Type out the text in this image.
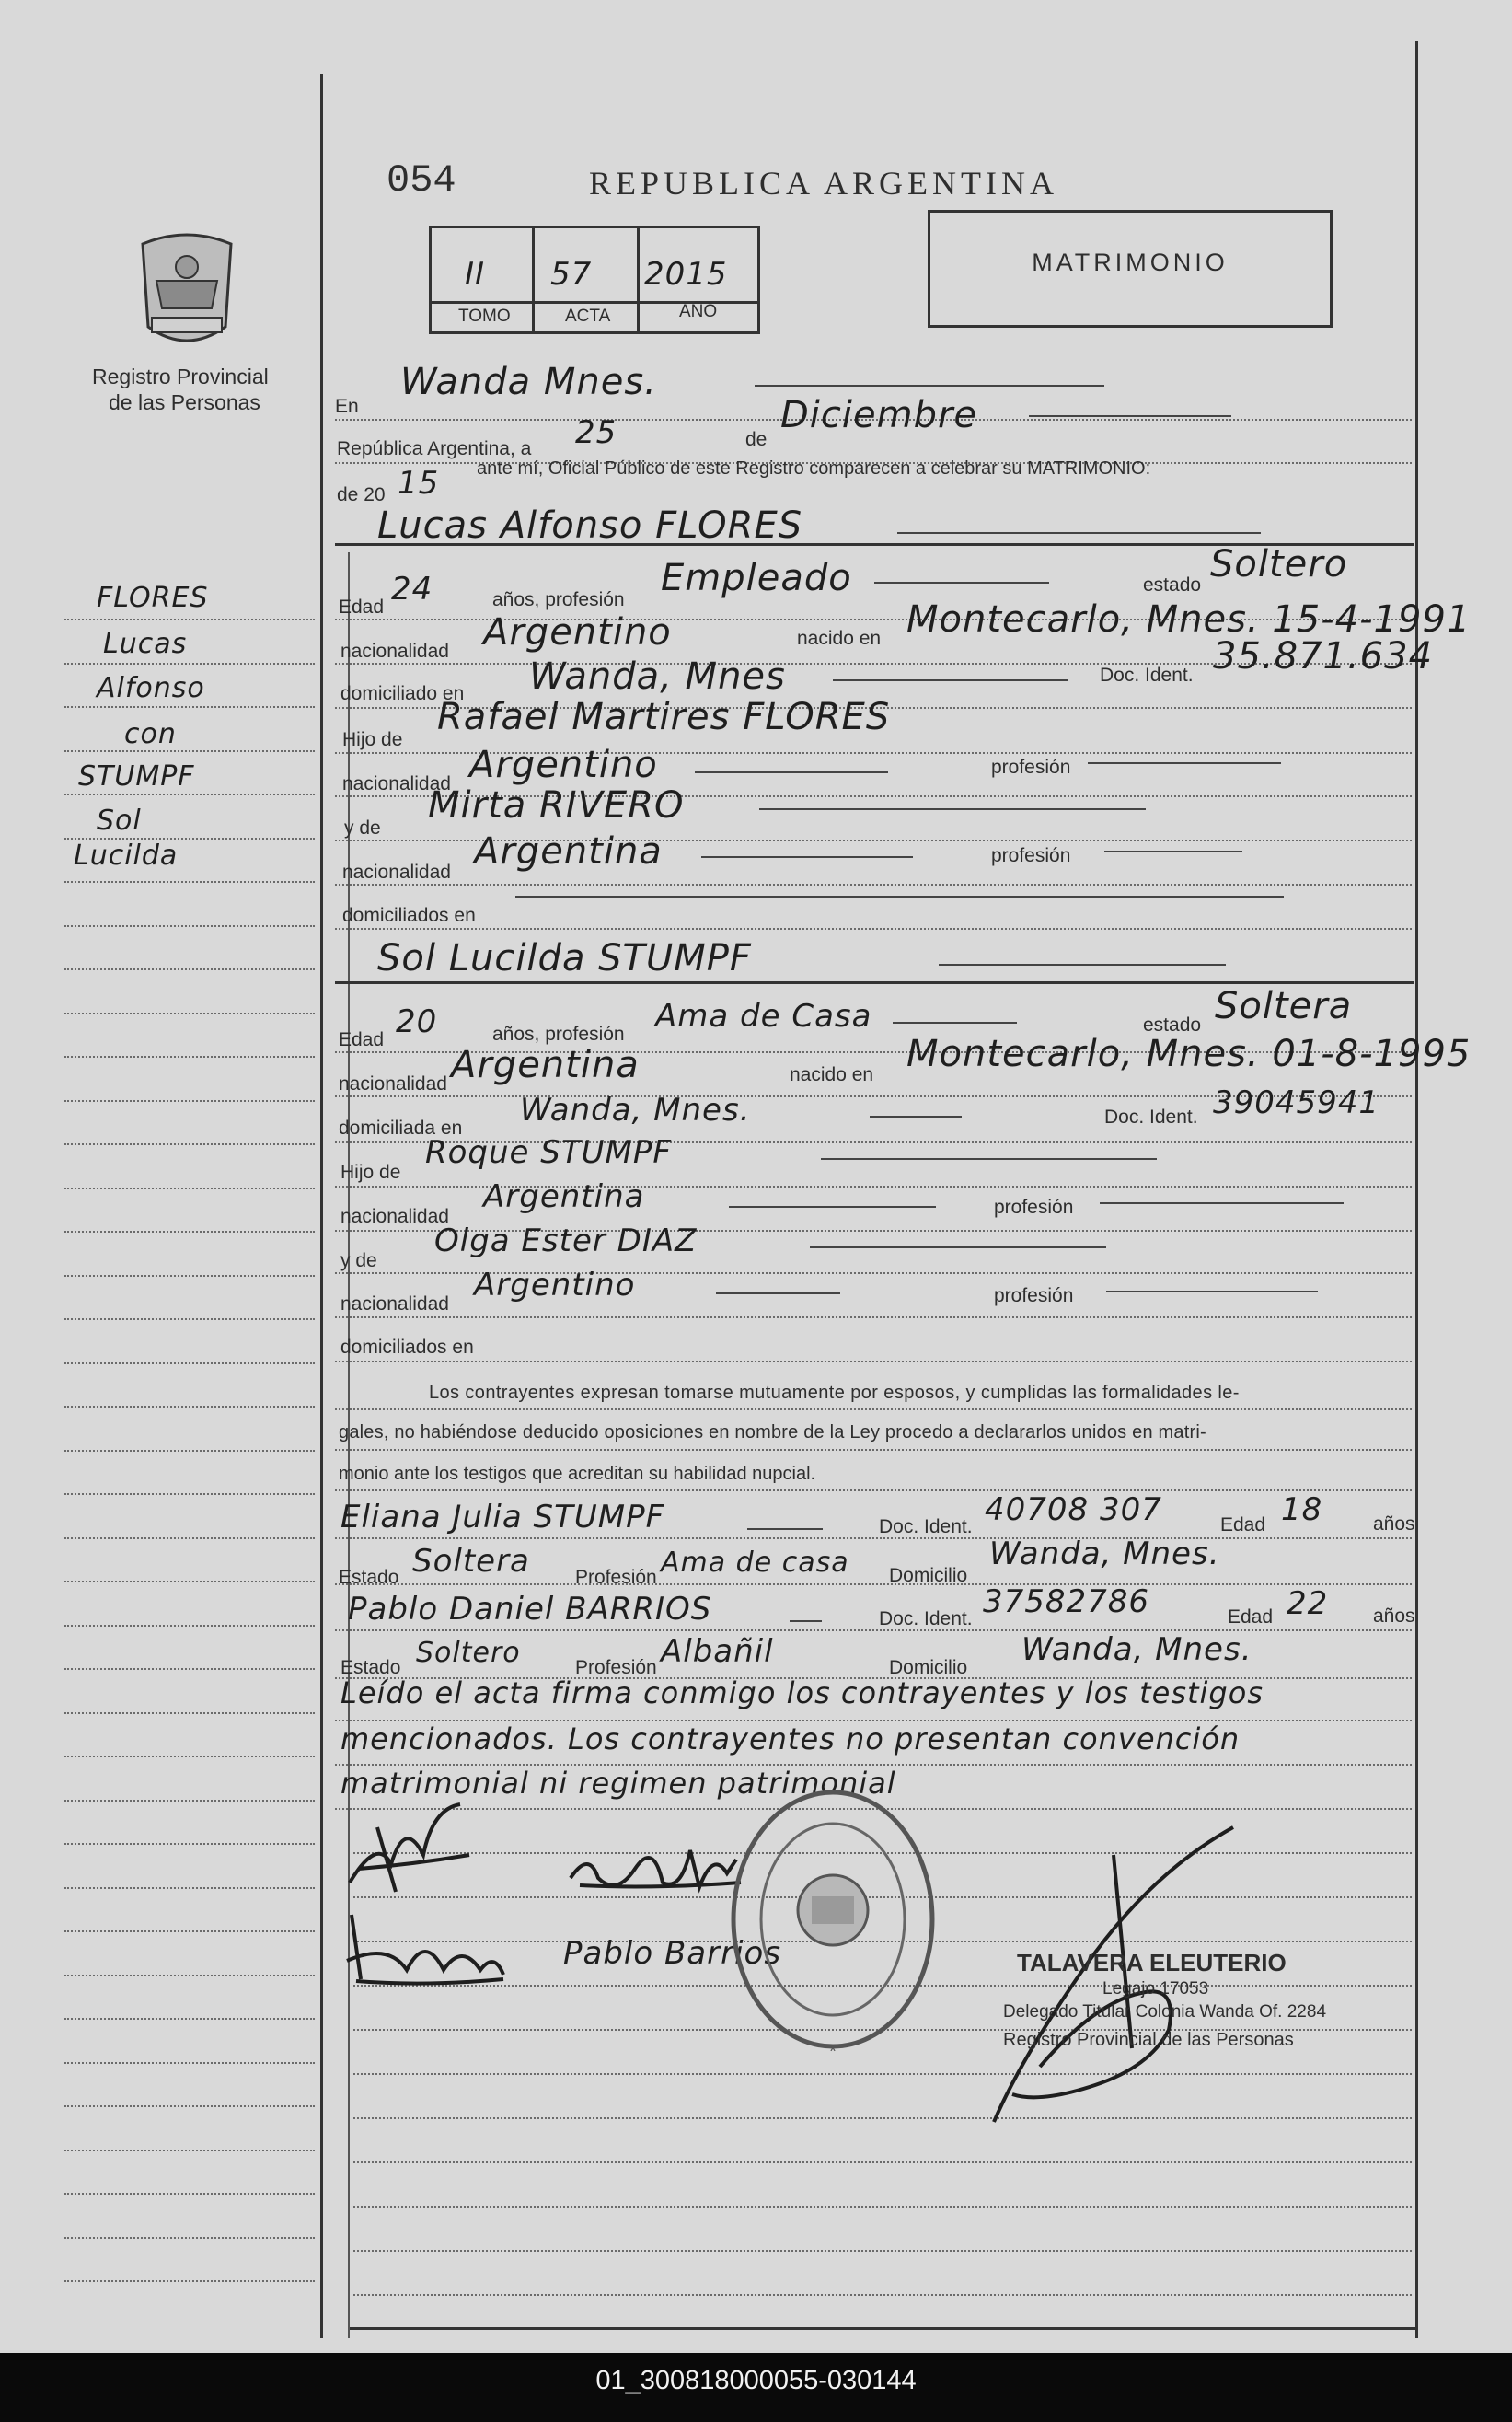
054	REPUBLICA ARGENTINA
MATRIMONIO
II 57 2015
TOMO	ACTA	AÑO
Registro Provincial
de las Personas
FLORES
Lucas
Alfonso
con
STUMPF
Sol
Lucilda
En
Wanda Mnes.
República Argentina, a 25	de
Diciembre
de 20 15 ante mí, Oficial Público de este Registro comparecen a celebrar su MATRIMONIO:
Lucas Alfonso FLORES
Edad 24	años, profesión
Empleado	estado Soltero
nacionalidad Argentino	nacido en Montecarlo, Mnes. 15-4-1991
domiciliado en Wanda, Mnes	Doc. Ident. 35.871.634
Hijo de
Rafael Martires FLORES
nacionalidad Argentino	profesión
y de
Mirta RIVERO
nacionalidad Argentina	profesión
domiciliados en
Sol Lucilda STUMPF
Edad 20	años, profesión Ama de Casa	estado Soltera
nacionalidad Argentina	nacido en Montecarlo, Mnes. 01-8-1995
domiciliada en Wanda, Mnes.	Doc. Ident. 39045941
Hijo de
Roque STUMPF
nacionalidad
Argentina	profesión
y de
Olga Ester DIAZ
nacionalidad
Argentino	profesión
domiciliados en
Los contrayentes expresan tomarse mutuamente por esposos, y cumplidas las formalidades le-
gales, no habiéndose deducido oposiciones en nombre de la Ley procedo a declararlos unidos en matri-
monio ante los testigos que acreditan su habilidad nupcial.
Eliana Julia STUMPF	Doc. Ident. 40708 307	Edad 18	años
Estado Soltera Profesión Ama de casa Domicilio
Wanda, Mnes.
Pablo Daniel BARRIOS	Doc. Ident. 37582786	Edad 22 años
Estado Soltero	Profesión Albañil	Domicilio Wanda, Mnes.
Leído el acta firma conmigo los contrayentes y los testigos
mencionados. Los contrayentes no presentan convención
matrimonial ni regimen patrimonial
Pablo Barrios
*
TALAVERA ELEUTERIO
Legajo 17053
Delegado Titular Colonia Wanda Of. 2284
Registro Provincial de las Personas
01_300818000055-030144
